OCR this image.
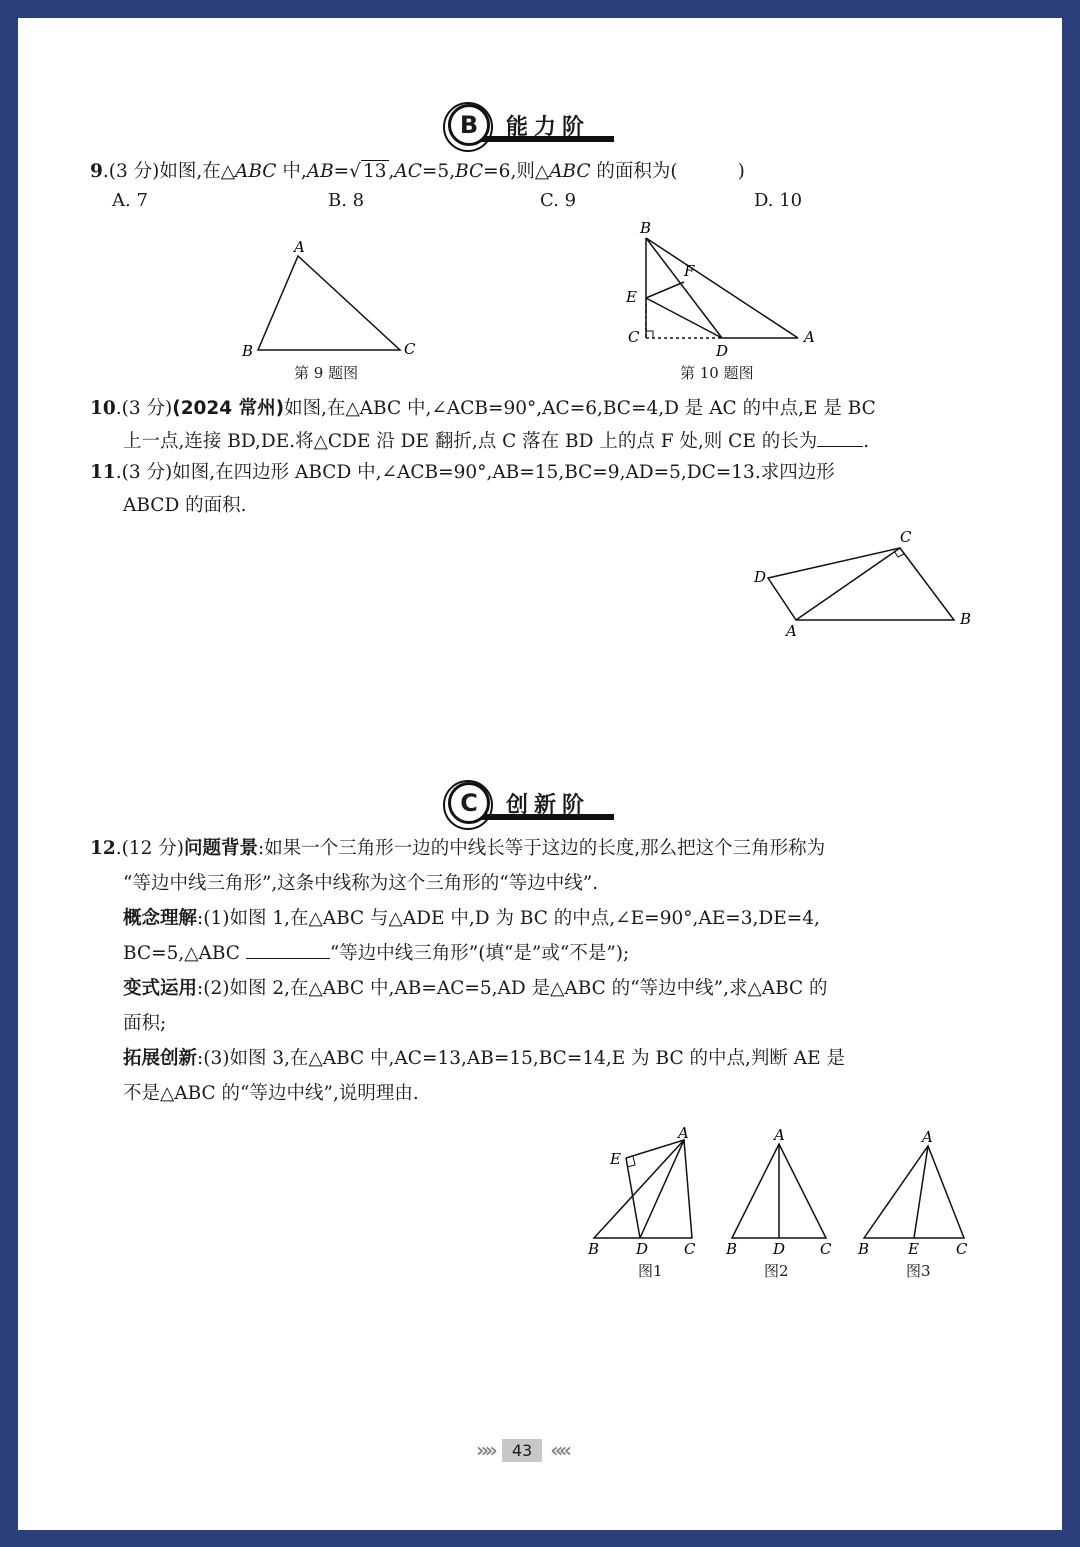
B	能力阶
9.(3 分)如图,在△ABC 中,AB=√ 13 ,AC=5,BC=6,则△ABC 的面积为(	)
A. 7	B. 8	C. 9	D. 10
A
B	C
第 9 题图
B
F
E
C
D
A
第 10 题图
10.(3 分)(2024 常州)如图,在△ABC 中,∠ACB=90°,AC=6,BC=4,D 是 AC 的中点,E 是 BC
上一点,连接 BD,DE.将△CDE 沿 DE 翻折,点 C 落在 BD 上的点 F 处,则 CE 的长为 .
11.(3 分)如图,在四边形 ABCD 中,∠ACB=90°,AB=15,BC=9,AD=5,DC=13.求四边形
ABCD 的面积.
C
D
A
B
C	创新阶
12.(12 分)问题背景:如果一个三角形一边的中线长等于这边的长度,那么把这个三角形称为
“等边中线三角形”,这条中线称为这个三角形的“等边中线”.
概念理解:(1)如图 1,在△ABC 与△ADE 中,D 为 BC 的中点,∠E=90°,AE=3,DE=4,
BC=5,△ABC	“等边中线三角形”(填“是”或“不是”);
变式运用:(2)如图 2,在△ABC 中,AB=AC=5,AD 是△ABC 的“等边中线”,求△ABC 的
面积;
拓展创新:(3)如图 3,在△ABC 中,AC=13,AB=15,BC=14,E 为 BC 的中点,判断 AE 是
不是△ABC 的“等边中线”,说明理由.
A
E
B D C
图1
A
B D C
图2
A
B	E C
图3
»»	43 ««
